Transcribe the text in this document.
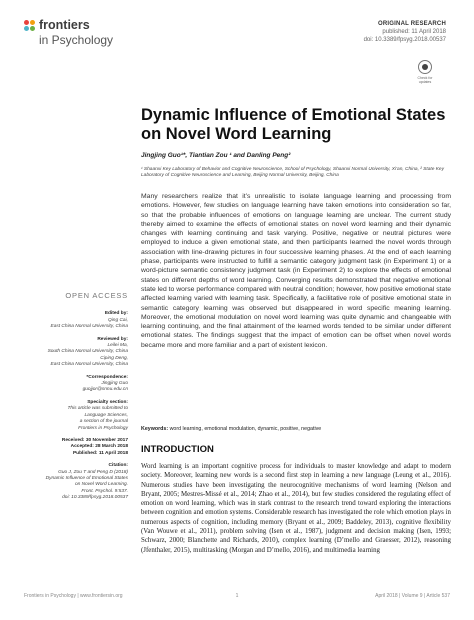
frontiers
in Psychology
ORIGINAL RESEARCH
published: 11 April 2018
doi: 10.3389/fpsyg.2018.00537
Check for updates
Dynamic Influence of Emotional States on Novel Word Learning
Jingjing Guo¹*, Tiantian Zou ¹ and Danling Peng²
¹ Shaanxi Key Laboratory of Behavior and Cognitive Neuroscience, School of Psychology, Shaanxi Normal University, Xi’an, China, ² State Key Laboratory of Cognitive Neuroscience and Learning, Beijing Normal University, Beijing, China

Many researchers realize that it’s unrealistic to isolate language learning and processing from emotions. However, few studies on language learning have taken emotions into consideration so far, so that the probable influences of emotions on language learning are unclear. The current study thereby aimed to examine the effects of emotional states on novel word learning and their dynamic changes with learning continuing and task varying. Positive, negative or neutral pictures were employed to induce a given emotional state, and then participants learned the novel words through association with line-drawing pictures in four successive learning phases. At the end of each learning phase, participants were instructed to fulfill a semantic category judgment task (in Experiment 1) or a word-picture semantic consistency judgment task (in Experiment 2) to explore the effects of emotional states on different depths of word learning. Converging results demonstrated that negative emotional state led to worse performance compared with neutral condition; however, how positive emotional state affected learning varied with learning task. Specifically, a facilitative role of positive emotional state in semantic category learning was observed but disappeared in word specific meaning learning. Moreover, the emotional modulation on novel word learning was quite dynamic and changeable with learning continuing, and the final attainment of the learned words tended to be similar under different emotional states. The findings suggest that the impact of emotion can be offset when novel words became more and more familiar and a part of existent lexicon.

Keywords: word learning, emotional modulation, dynamic, positive, negative
OPEN ACCESS
Edited by:
Qing Cai,
East China Normal University, China
Reviewed by:
Leilei Ma,
South China Normal University, China
Ciping Deng,
East China Normal University, China
*Correspondence:
Jingjing Guo
guojjor@snnu.edu.cn
Specialty section:
This article was submitted to
Language Sciences,
a section of the journal
Frontiers in Psychology
Received: 30 November 2017
Accepted: 28 March 2018
Published: 11 April 2018
Citation:
Guo J, Zou T and Peng D (2018)
Dynamic Influence of Emotional States
on Novel Word Learning.
Front. Psychol. 9:537.
doi: 10.3389/fpsyg.2018.00537
INTRODUCTION

Word learning is an important cognitive process for individuals to master knowledge and adapt to modern society. Moreover, learning new words is a second first step in learning a new language (Leung et al., 2016). Numerous studies have been investigating the neurocognitive mechanisms of word learning (Nelson and Bryant, 2005; Mestres-Missé et al., 2014; Zhao et al., 2014), but few studies considered the regulating effect of emotion on word learning, which was in stark contrast to the research trend toward exploring the interactions between cognition and emotion systems. Considerable research has investigated the role which emotion plays in numerous aspects of cognition, including memory (Bryant et al., 2009; Baddeley, 2013), cognitive flexibility (Van Wouwe et al., 2011), problem solving (Isen et al., 1987), judgment and decision making (Isen, 1993; Schwarz, 2000; Blanchette and Richards, 2010), complex learning (D’mello and Graesser, 2012), reasoning (Jfenthaler, 2015), multitasking (Morgan and D’mello, 2016), and multimedia learning

Frontiers in Psychology | www.frontiersin.org	1	April 2018 | Volume 9 | Article 537
